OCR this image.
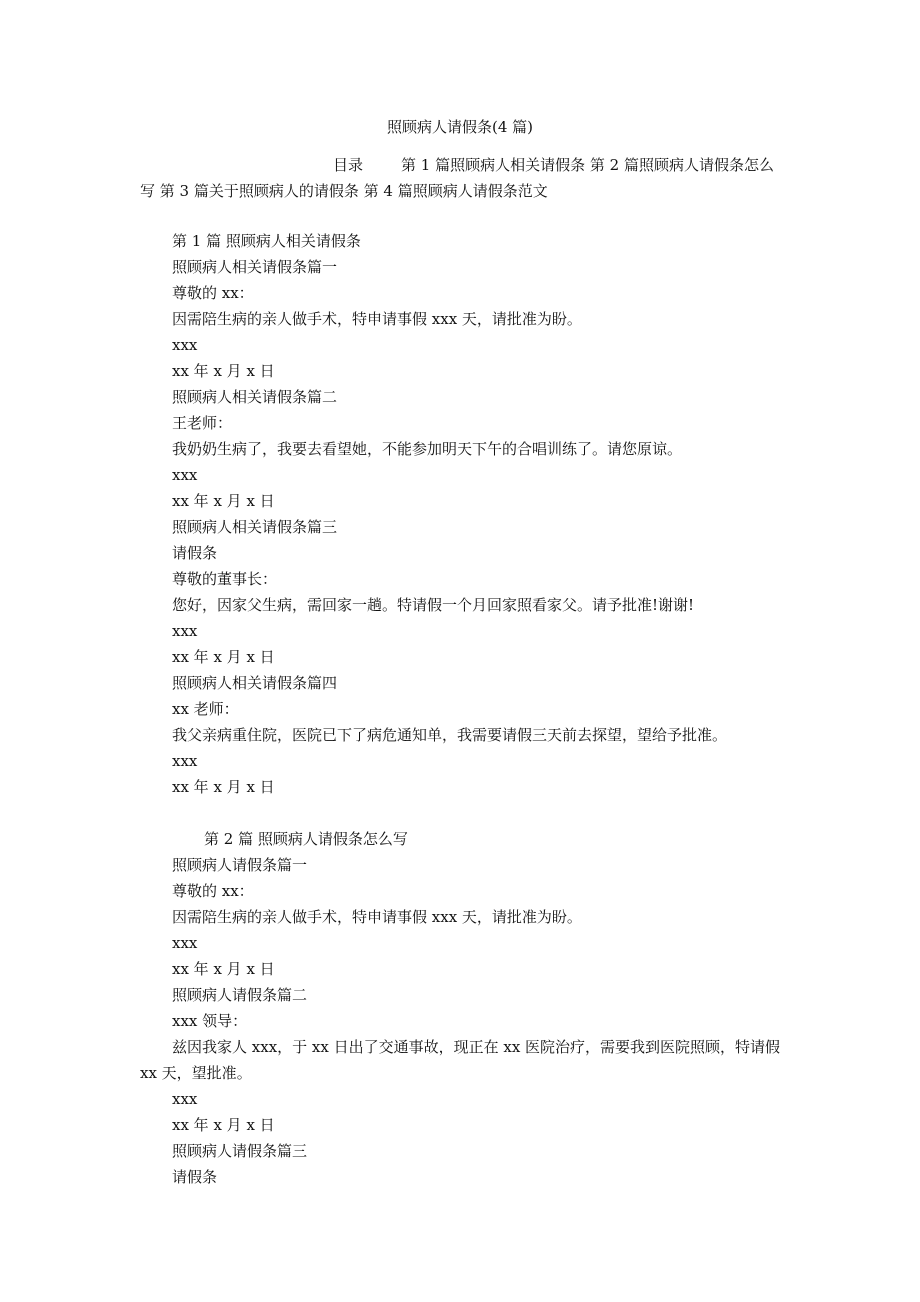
照顾病人请假条(4 篇)
目录	第 1 篇照顾病人相关请假条 第 2 篇照顾病人请假条怎么写 第 3 篇关于照顾病人的请假条 第 4 篇照顾病人请假条范文
第 1 篇 照顾病人相关请假条
照顾病人相关请假条篇一
尊敬的 xx：
因需陪生病的亲人做手术，特申请事假 xxx 天，请批准为盼。
xxx
xx 年 x 月 x 日
照顾病人相关请假条篇二
王老师：
我奶奶生病了，我要去看望她，不能参加明天下午的合唱训练了。请您原谅。
xxx
xx 年 x 月 x 日
照顾病人相关请假条篇三
请假条
尊敬的董事长：
您好，因家父生病，需回家一趟。特请假一个月回家照看家父。请予批准!谢谢!
xxx
xx 年 x 月 x 日
照顾病人相关请假条篇四
xx 老师：
我父亲病重住院，医院已下了病危通知单，我需要请假三天前去探望，望给予批准。
xxx
xx 年 x 月 x 日
第 2 篇 照顾病人请假条怎么写
照顾病人请假条篇一
尊敬的 xx：
因需陪生病的亲人做手术，特申请事假 xxx 天，请批准为盼。
xxx
xx 年 x 月 x 日
照顾病人请假条篇二
xxx 领导：
兹因我家人 xxx，于 xx 日出了交通事故，现正在 xx 医院治疗，需要我到医院照顾，特请假 xx 天，望批准。
xxx
xx 年 x 月 x 日
照顾病人请假条篇三
请假条
